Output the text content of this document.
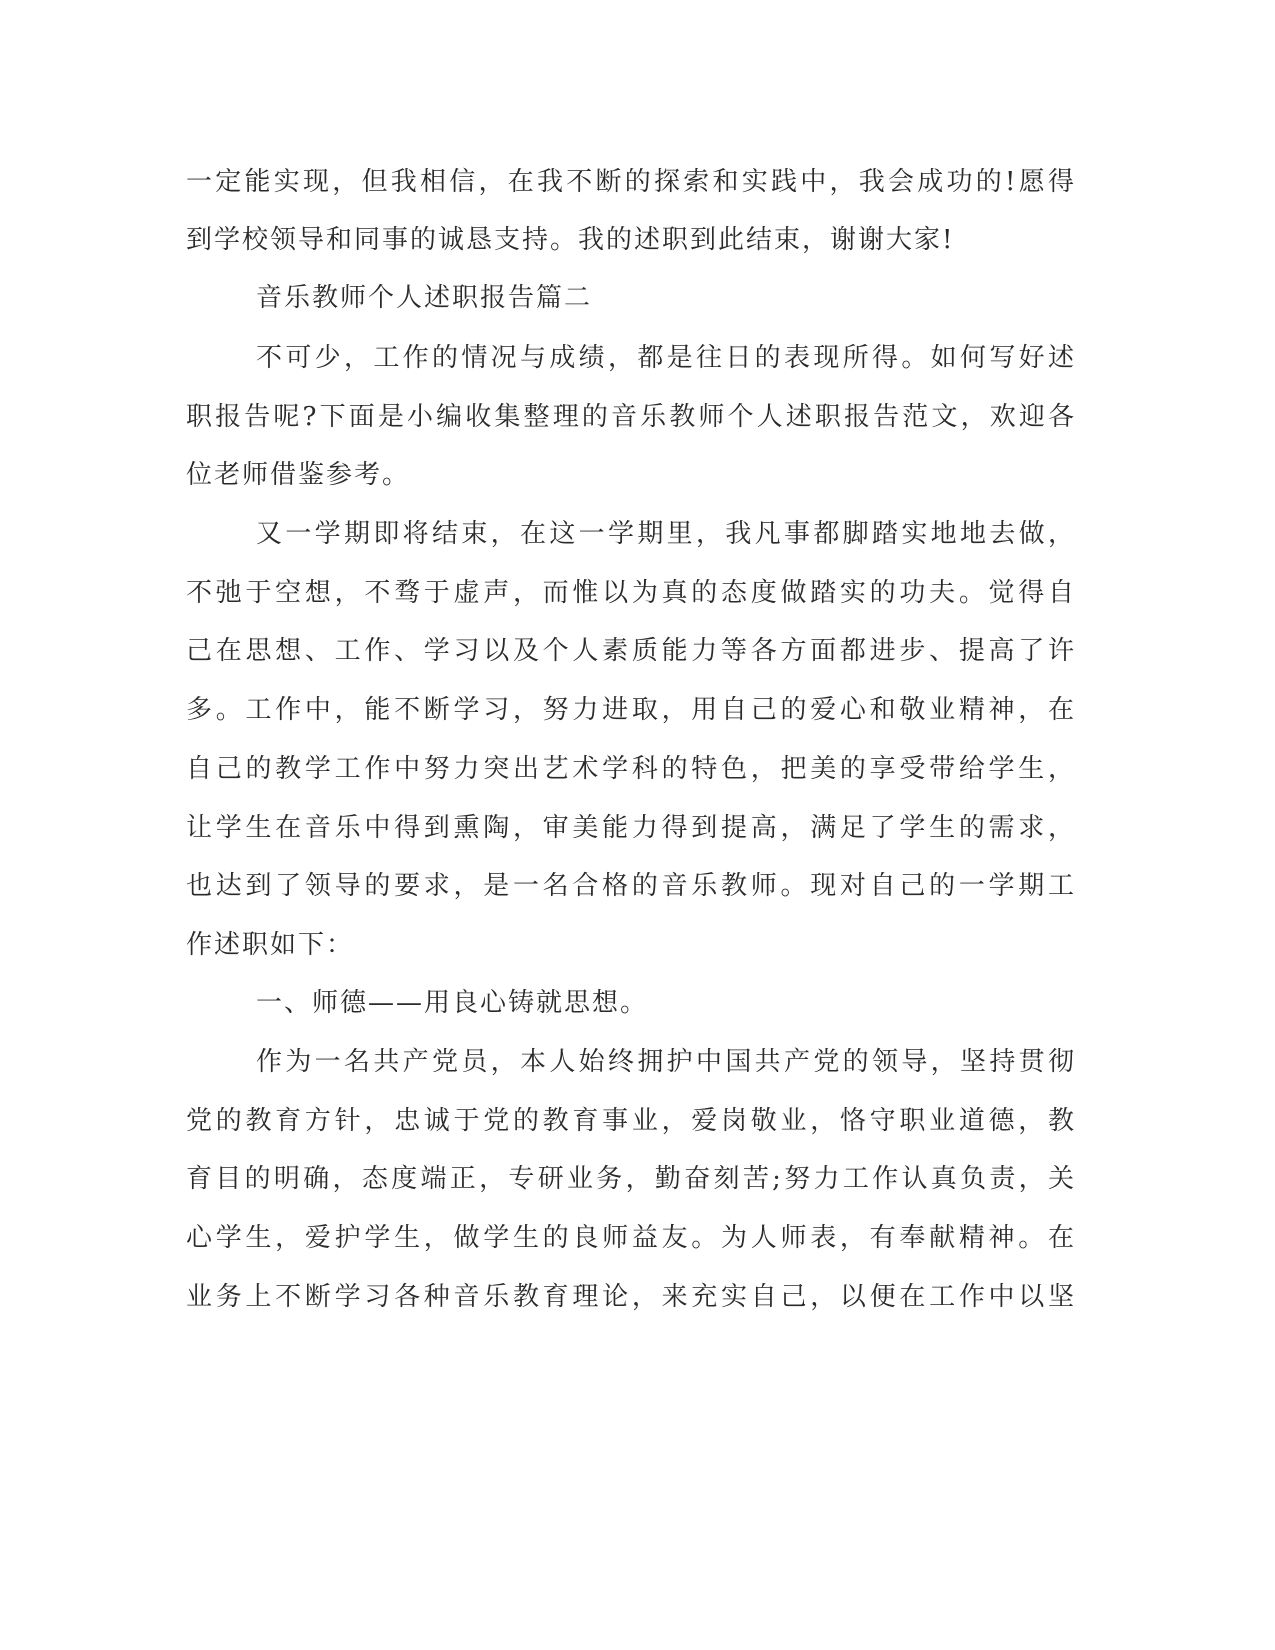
一定能实现，但我相信，在我不断的探索和实践中，我会成功的!愿得
到学校领导和同事的诚恳支持。我的述职到此结束，谢谢大家!
音乐教师个人述职报告篇二
不可少，工作的情况与成绩，都是往日的表现所得。如何写好述
职报告呢?下面是小编收集整理的音乐教师个人述职报告范文，欢迎各
位老师借鉴参考。
又一学期即将结束，在这一学期里，我凡事都脚踏实地地去做，
不弛于空想，不骛于虚声，而惟以为真的态度做踏实的功夫。觉得自
己在思想、工作、学习以及个人素质能力等各方面都进步、提高了许
多。工作中，能不断学习，努力进取，用自己的爱心和敬业精神，在
自己的教学工作中努力突出艺术学科的特色，把美的享受带给学生，
让学生在音乐中得到熏陶，审美能力得到提高，满足了学生的需求，
也达到了领导的要求，是一名合格的音乐教师。现对自己的一学期工
作述职如下：
一、师德——用良心铸就思想。
作为一名共产党员，本人始终拥护中国共产党的领导，坚持贯彻
党的教育方针，忠诚于党的教育事业，爱岗敬业，恪守职业道德，教
育目的明确，态度端正，专研业务，勤奋刻苦;努力工作认真负责，关
心学生，爱护学生，做学生的良师益友。为人师表，有奉献精神。在
业务上不断学习各种音乐教育理论，来充实自己，以便在工作中以坚
